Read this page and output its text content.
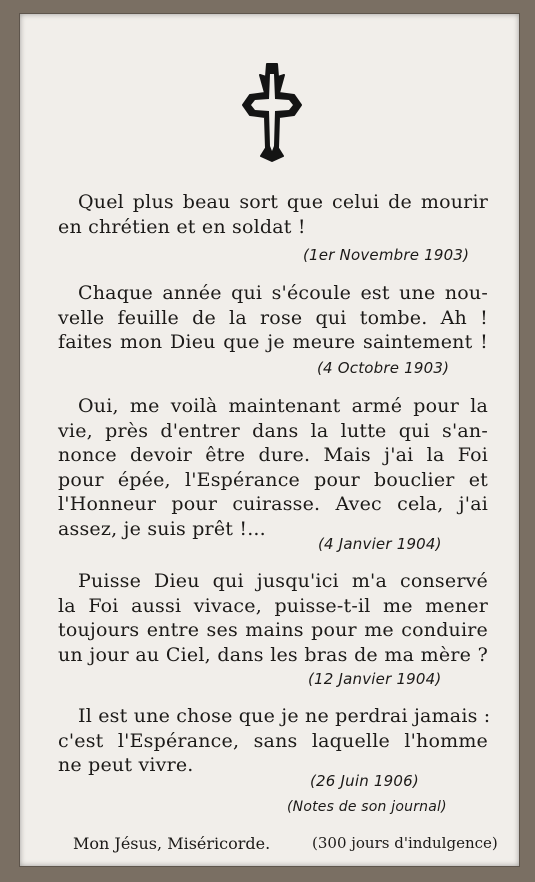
Quel plus beau sort que celui de mourir
en chrétien et en soldat !
(1er Novembre 1903)
Chaque année qui s'écoule est une nou-
velle feuille de la rose qui tombe. Ah !
faites mon Dieu que je meure saintement !
(4 Octobre 1903)
Oui, me voilà maintenant armé pour la
vie, près d'entrer dans la lutte qui s'an-
nonce devoir être dure. Mais j'ai la Foi
pour épée, l'Espérance pour bouclier et
l'Honneur pour cuirasse. Avec cela, j'ai
assez, je suis prêt !...
(4 Janvier 1904)
Puisse Dieu qui jusqu'ici m'a conservé
la Foi aussi vivace, puisse-t-il me mener
toujours entre ses mains pour me conduire
un jour au Ciel, dans les bras de ma mère ?
(12 Janvier 1904)
Il est une chose que je ne perdrai jamais :
c'est l'Espérance, sans laquelle l'homme
ne peut vivre.
(26 Juin 1906)
(Notes de son journal)
Mon Jésus, Miséricorde.	(300 jours d'indulgence)
